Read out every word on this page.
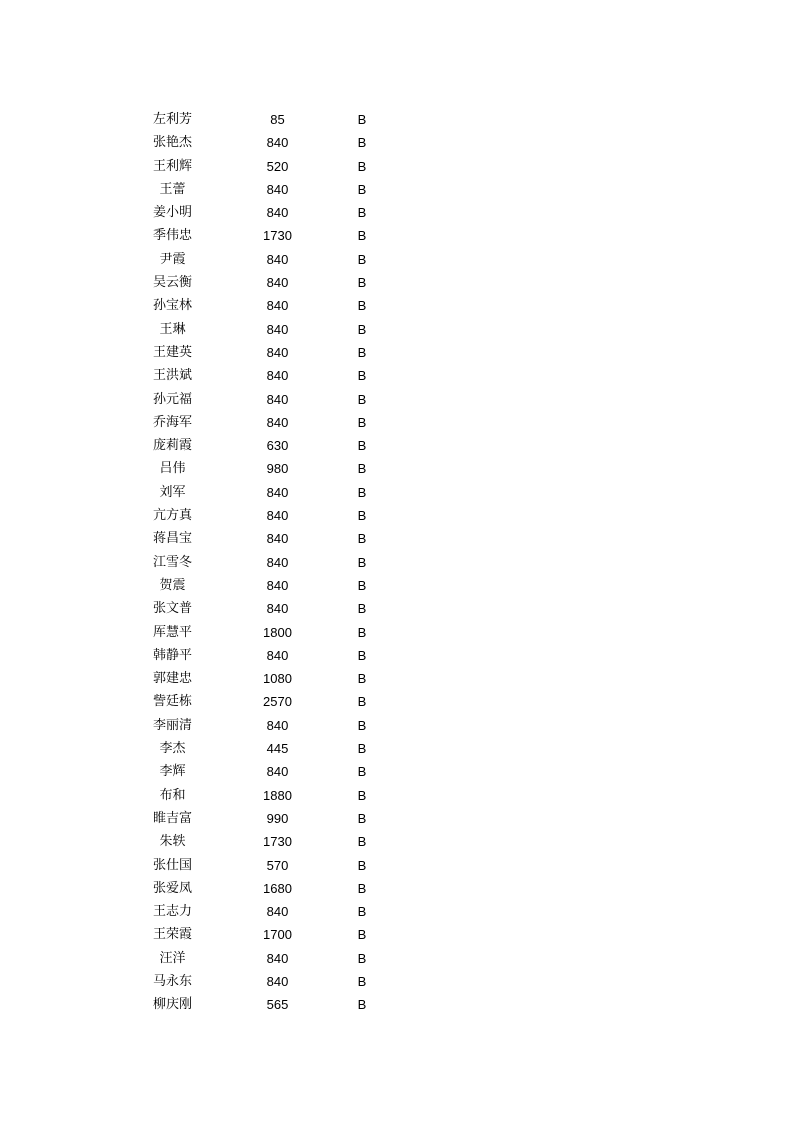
左利芳	85	B
张艳杰	840	B
王利辉	520	B
王蕾	840	B
姜小明	840	B
季伟忠	1730	B
尹霞	840	B
吴云衡	840	B
孙宝林	840	B
王琳	840	B
王建英	840	B
王洪斌	840	B
孙元福	840	B
乔海军	840	B
庞莉霞	630	B
吕伟	980	B
刘军	840	B
亢方真	840	B
蒋昌宝	840	B
江雪冬	840	B
贺震	840	B
张文普	840	B
厍慧平	1800	B
韩静平	840	B
郭建忠	1080	B
訾廷栋	2570	B
李丽清	840	B
李杰	445	B
李辉	840	B
布和	1880	B
睢吉富	990	B
朱轶	1730	B
张仕国	570	B
张爱凤	1680	B
王志力	840	B
王荣霞	1700	B
汪洋	840	B
马永东	840	B
柳庆刚	565	B
